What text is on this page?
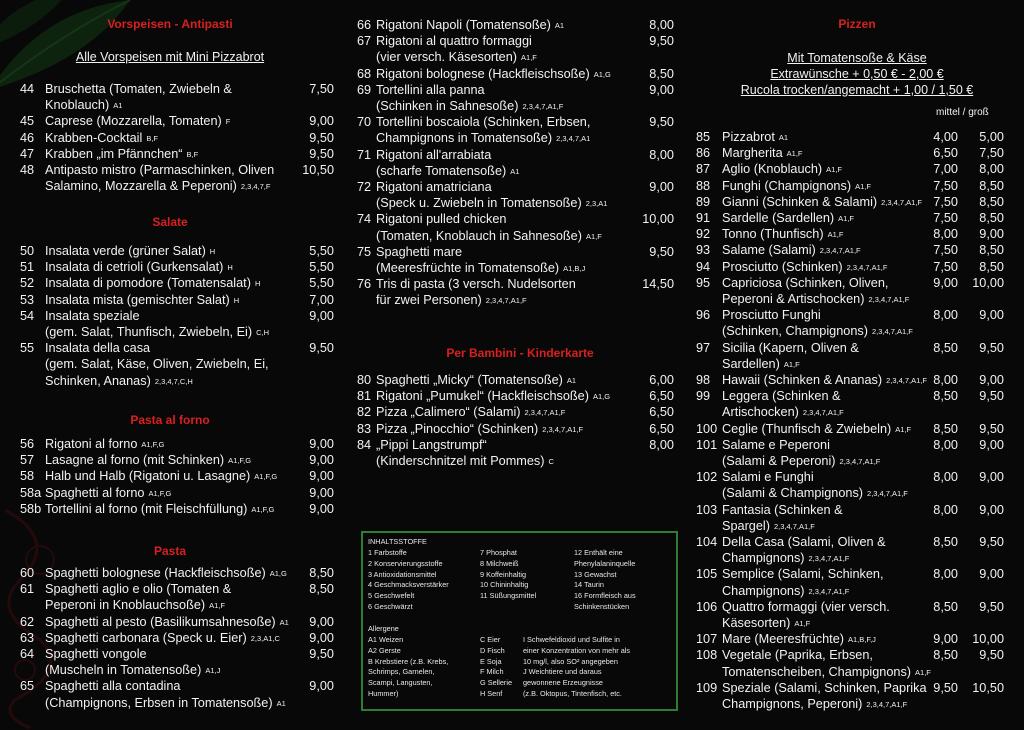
Vorspeisen - Antipasti
Alle Vorspeisen mit Mini Pizzabrot
44 Bruschetta (Tomaten, Zwiebeln &
Knoblauch) A1
7,50
45 Caprese (Mozzarella, Tomaten) F	9,00
46 Krabben-Cocktail B,F	9,50
47 Krabben „im Pfännchen“ B,F	9,50
48 Antipasto mistro (Parmaschinken, Oliven
Salamino, Mozzarella & Peperoni) 2,3,4,7,F
10,50
Salate
50 Insalata verde (grüner Salat) H	5,50
51 Insalata di cetrioli (Gurkensalat) H	5,50
52 Insalata di pomodore (Tomatensalat) H	5,50
53 Insalata mista (gemischter Salat) H	7,00
54 Insalata speziale
(gem. Salat, Thunfisch, Zwiebeln, Ei) C,H
9,00
55 Insalata della casa
(gem. Salat, Käse, Oliven, Zwiebeln, Ei,
Schinken, Ananas) 2,3,4,7,C,H
9,50
Pasta al forno
56 Rigatoni al forno A1,F,G	9,00
57 Lasagne al forno (mit Schinken) A1,F,G	9,00
58 Halb und Halb (Rigatoni u. Lasagne) A1,F,G	9,00
58a Spaghetti al forno A1,F,G	9,00
58b Tortellini al forno (mit Fleischfüllung) A1,F,G	9,00
Pasta
60 Spaghetti bolognese (Hackfleischsoße) A1,G	8,50
61 Spaghetti aglio e olio (Tomaten &
Peperoni in Knoblauchsoße) A1,F
8,50
62 Spaghetti al pesto (Basilikumsahnesoße) A1	9,00
63 Spaghetti carbonara (Speck u. Eier) 2,3,A1,C	9,00
64 Spaghetti vongole
(Muscheln in Tomatensoße) A1,J
9,50
65 Spaghetti alla contadina
(Champignons, Erbsen in Tomatensoße) A1
9,00
66 Rigatoni Napoli (Tomatensoße) A1	8,00
67 Rigatoni al quattro formaggi
(vier versch. Käsesorten) A1,F
9,50
68 Rigatoni bolognese (Hackfleischsoße) A1,G	8,50
69 Tortellini alla panna
(Schinken in Sahnesoße) 2,3,4,7,A1,F
9,00
70 Tortellini boscaiola (Schinken, Erbsen,
Champignons in Tomatensoße) 2,3,4,7,A1
9,50
71 Rigatoni all'arrabiata
(scharfe Tomatensoße) A1
8,00
72 Rigatoni amatriciana
(Speck u. Zwiebeln in Tomatensoße) 2,3,A1
9,00
74 Rigatoni pulled chicken
(Tomaten, Knoblauch in Sahnesoße) A1,F
10,00
75 Spaghetti mare
(Meeresfrüchte in Tomatensoße) A1,B,J
9,50
76 Tris di pasta (3 versch. Nudelsorten
für zwei Personen) 2,3,4,7,A1,F
14,50
Per Bambini - Kinderkarte
80 Spaghetti „Micky“ (Tomatensoße) A1	6,00
81 Rigatoni „Pumukel“ (Hackfleischsoße) A1,G	6,50
82 Pizza „Calimero“ (Salami) 2,3,4,7,A1,F	6,50
83 Pizza „Pinocchio“ (Schinken) 2,3,4,7,A1,F	6,50
84 „Pippi Langstrumpf“
(Kinderschnitzel mit Pommes) C
8,00
INHALTSSTOFFE
1 Farbstoffe
2 Konservierungsstoffe
3 Antioxidationsmittel
4 Geschmacksverstärker
5 Geschwefelt
6 Geschwärzt
7 Phosphat
8 Milchweiß
9 Koffeinhaltig
10 Chininhaltig
11 Süßungsmittel
12 Enthält eine
Phenylalaninquelle
13 Gewachst
14 Taurin
16 Formfleisch aus
Schinkenstücken
Allergene
A1 Weizen
A2 Gerste
B Krebstiere (z.B. Krebs,
Schrimps, Garnelen,
Scampi, Langusten,
Hummer)
C Eier
D Fisch
E Soja
F Milch
G Sellerie
H Senf
I Schwefeldioxid und Sulfite in
einer Konzentration von mehr als
10 mg/l, also SO² angegeben
J Weichtiere und daraus
gewonnene Erzeugnisse
(z.B. Oktopus, Tintenfisch, etc.
Pizzen
Mit Tomatensoße & Käse
Extrawünsche + 0,50 € - 2,00 €
Rucola trocken/angemacht + 1,00 / 1,50 €
mittel / groß
85 Pizzabrot A1	4,00	5,00
86 Margherita A1,F	6,50	7,50
87 Aglio (Knoblauch) A1,F	7,00	8,00
88 Funghi (Champignons) A1,F	7,50	8,50
89 Gianni (Schinken & Salami) 2,3,4,7,A1,F 7,50	8,50
91 Sardelle (Sardellen) A1,F	7,50	8,50
92 Tonno (Thunfisch) A1,F	8,00	9,00
93 Salame (Salami) 2,3,4,7,A1,F	7,50	8,50
94 Prosciutto (Schinken) 2,3,4,7,A1,F	7,50	8,50
95 Capriciosa (Schinken, Oliven,
Peperoni & Artischocken) 2,3,4,7,A1,F
9,00	10,00
96 Prosciutto Funghi
(Schinken, Champignons) 2,3,4,7,A1,F
8,00	9,00
97 Sicilia (Kapern, Oliven &
Sardellen) A1,F
8,50	9,50
98 Hawaii (Schinken & Ananas) 2,3,4,7,A1,F 8,00	9,00
99 Leggera (Schinken &
Artischocken) 2,3,4,7,A1,F
8,50	9,50
100 Ceglie (Thunfisch & Zwiebeln) A1,F	8,50	9,50
101 Salame e Peperoni
(Salami & Peperoni) 2,3,4,7,A1,F
8,00	9,00
102 Salami e Funghi
(Salami & Champignons) 2,3,4,7,A1,F
8,00	9,00
103 Fantasia (Schinken &
Spargel) 2,3,4,7,A1,F
8,00	9,00
104 Della Casa (Salami, Oliven &
Champignons) 2,3,4,7,A1,F
8,50	9,50
105 Semplice (Salami, Schinken,
Champignons) 2,3,4,7,A1,F
8,00	9,00
106 Quattro formaggi (vier versch.
Käsesorten) A1,F
8,50	9,50
107 Mare (Meeresfrüchte) A1,B,F,J	9,00	10,00
108 Vegetale (Paprika, Erbsen,
Tomatenscheiben, Champignons) A1,F
8,50	9,50
109 Speziale (Salami, Schinken, Paprika
Champignons, Peperoni) 2,3,4,7,A1,F
9,50	10,50
